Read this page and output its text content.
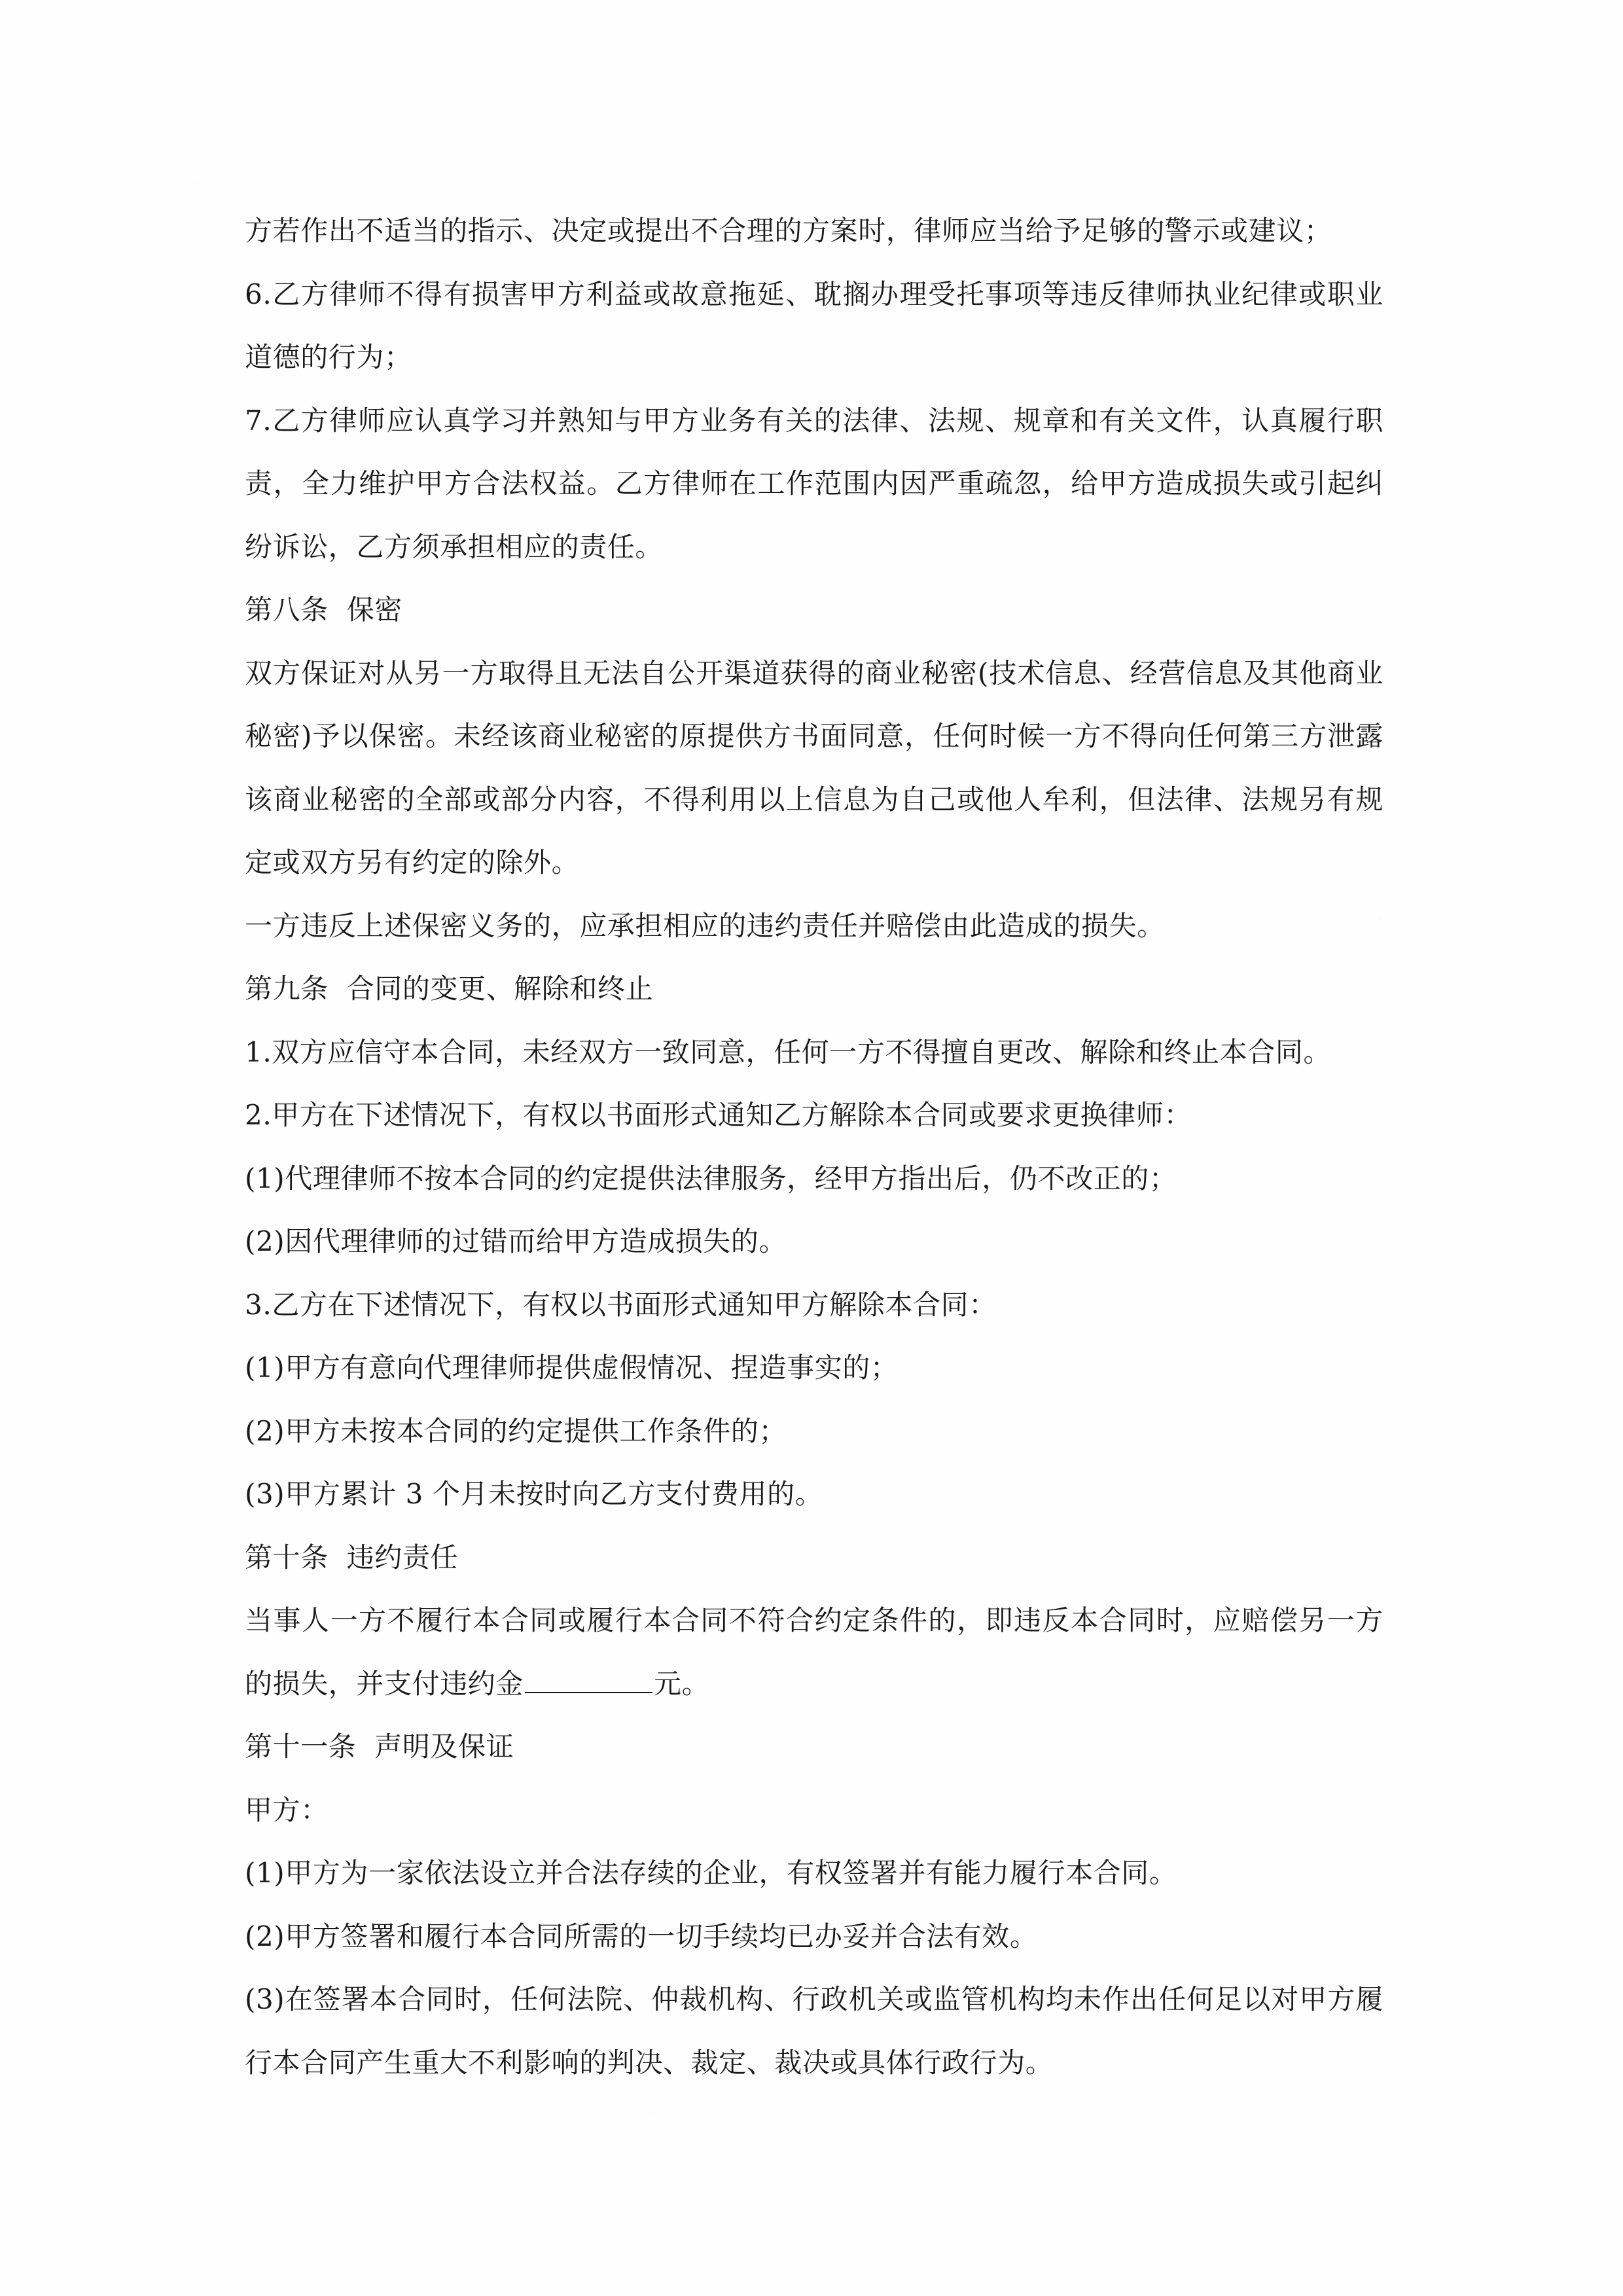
方若作出不适当的指示、决定或提出不合理的方案时，律师应当给予足够的警示或建议；

6.乙方律师不得有损害甲方利益或故意拖延、耽搁办理受托事项等违反律师执业纪律或职业道德的行为；

7.乙方律师应认真学习并熟知与甲方业务有关的法律、法规、规章和有关文件，认真履行职责，全力维护甲方合法权益。乙方律师在工作范围内因严重疏忽，给甲方造成损失或引起纠纷诉讼，乙方须承担相应的责任。

第八条  保密

双方保证对从另一方取得且无法自公开渠道获得的商业秘密(技术信息、经营信息及其他商业秘密)予以保密。未经该商业秘密的原提供方书面同意，任何时候一方不得向任何第三方泄露该商业秘密的全部或部分内容，不得利用以上信息为自己或他人牟利，但法律、法规另有规定或双方另有约定的除外。

一方违反上述保密义务的，应承担相应的违约责任并赔偿由此造成的损失。

第九条  合同的变更、解除和终止

1.双方应信守本合同，未经双方一致同意，任何一方不得擅自更改、解除和终止本合同。

2.甲方在下述情况下，有权以书面形式通知乙方解除本合同或要求更换律师：

(1)代理律师不按本合同的约定提供法律服务，经甲方指出后，仍不改正的；

(2)因代理律师的过错而给甲方造成损失的。

3.乙方在下述情况下，有权以书面形式通知甲方解除本合同：

(1)甲方有意向代理律师提供虚假情况、捏造事实的；

(2)甲方未按本合同的约定提供工作条件的；

(3)甲方累计 3 个月未按时向乙方支付费用的。

第十条  违约责任

当事人一方不履行本合同或履行本合同不符合约定条件的，即违反本合同时，应赔偿另一方的损失，并支付违约金	元。

第十一条  声明及保证

甲方：

(1)甲方为一家依法设立并合法存续的企业，有权签署并有能力履行本合同。

(2)甲方签署和履行本合同所需的一切手续均已办妥并合法有效。

(3)在签署本合同时，任何法院、仲裁机构、行政机关或监管机构均未作出任何足以对甲方履行本合同产生重大不利影响的判决、裁定、裁决或具体行政行为。
